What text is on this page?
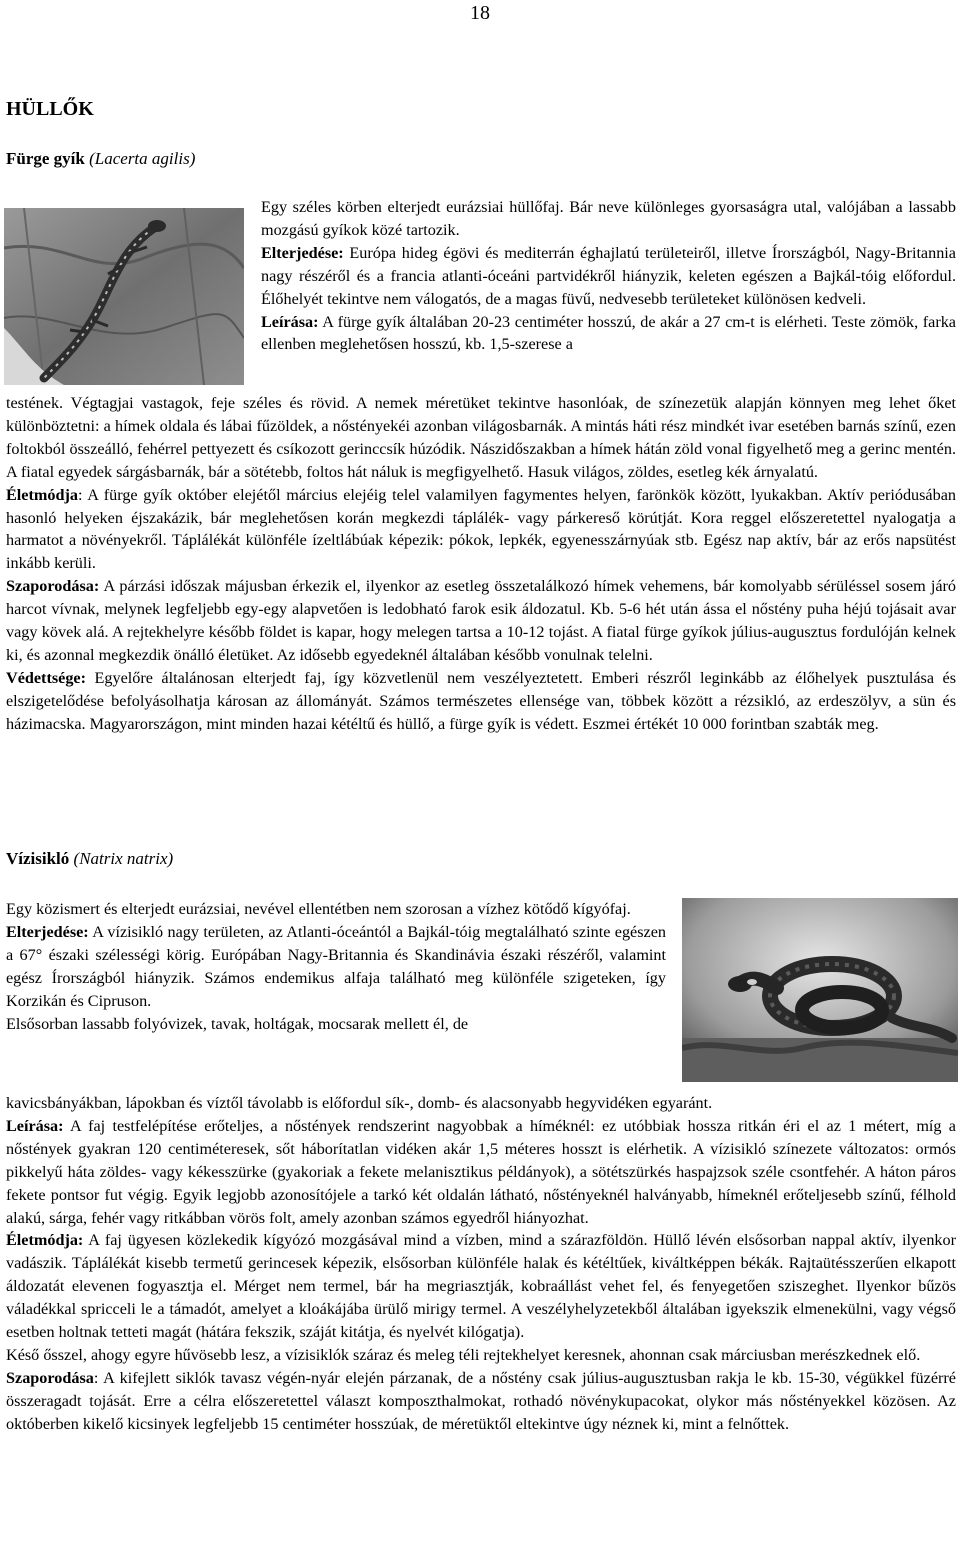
18
HÜLLŐK
Fürge gyík (Lacerta agilis)

Egy széles körben elterjedt eurázsiai hüllőfaj. Bár neve különleges gyorsaságra utal, valójában a lassabb mozgású gyíkok közé tartozik.

Elterjedése: Európa hideg égövi és mediterrán éghajlatú területeiről, illetve Írországból, Nagy-Britannia nagy részéről és a francia atlanti-óceáni partvidékről hiányzik, keleten egészen a Bajkál-tóig előfordul. Élőhelyét tekintve nem válogatós, de a magas füvű, nedvesebb területeket különösen kedveli.

Leírása: A fürge gyík általában 20-23 centiméter hosszú, de akár a 27 cm-t is elérheti. Teste zömök, farka ellenben meglehetősen hosszú, kb. 1,5-szerese a

testének. Végtagjai vastagok, feje széles és rövid. A nemek méretüket tekintve hasonlóak, de színezetük alapján könnyen meg lehet őket különböztetni: a hímek oldala és lábai fűzöldek, a nőstényekéi azonban világosbarnák. A mintás háti rész mindkét ivar esetében barnás színű, ezen foltokból összeálló, fehérrel pettyezett és csíkozott gerinccsík húzódik. Nászidőszakban a hímek hátán zöld vonal figyelhető meg a gerinc mentén. A fiatal egyedek sárgásbarnák, bár a sötétebb, foltos hát náluk is megfigyelhető. Hasuk világos, zöldes, esetleg kék árnyalatú.

Életmódja: A fürge gyík október elejétől március elejéig telel valamilyen fagymentes helyen, farönkök között, lyukakban. Aktív periódusában hasonló helyeken éjszakázik, bár meglehetősen korán megkezdi táplálék- vagy párkereső körútját. Kora reggel előszeretettel nyalogatja a harmatot a növényekről. Táplálékát különféle ízeltlábúak képezik: pókok, lepkék, egyenesszárnyúak stb. Egész nap aktív, bár az erős napsütést inkább kerüli.

Szaporodása: A párzási időszak májusban érkezik el, ilyenkor az esetleg összetalálkozó hímek vehemens, bár komolyabb sérüléssel sosem járó harcot vívnak, melynek legfeljebb egy-egy alapvetően is ledobható farok esik áldozatul. Kb. 5-6 hét után ássa el nőstény puha héjú tojásait avar vagy kövek alá. A rejtekhelyre később földet is kapar, hogy melegen tartsa a 10-12 tojást. A fiatal fürge gyíkok július-augusztus fordulóján kelnek ki, és azonnal megkezdik önálló életüket. Az idősebb egyedeknél általában később vonulnak telelni.

Védettsége: Egyelőre általánosan elterjedt faj, így közvetlenül nem veszélyeztetett. Emberi részről leginkább az élőhelyek pusztulása és elszigetelődése befolyásolhatja károsan az állományát. Számos természetes ellensége van, többek között a rézsikló, az erdeszölyv, a sün és házimacska. Magyarországon, mint minden hazai kétéltű és hüllő, a fürge gyík is védett. Eszmei értékét 10 000 forintban szabták meg.

Vízisikló (Natrix natrix)

Egy közismert és elterjedt eurázsiai, nevével ellentétben nem szorosan a vízhez kötődő kígyófaj.

Elterjedése: A vízisikló nagy területen, az Atlanti-óceántól a Bajkál-tóig megtalálható szinte egészen a 67° északi szélességi körig. Európában Nagy-Britannia és Skandinávia északi részéről, valamint egész Írországból hiányzik. Számos endemikus alfaja található meg különféle szigeteken, így Korzikán és Cipruson.

Elsősorban lassabb folyóvizek, tavak, holtágak, mocsarak mellett él, de

kavicsbányákban, lápokban és víztől távolabb is előfordul sík-, domb- és alacsonyabb hegyvidéken egyaránt.

Leírása: A faj testfelépítése erőteljes, a nőstények rendszerint nagyobbak a híméknél: ez utóbbiak hossza ritkán éri el az 1 métert, míg a nőstények gyakran 120 centiméteresek, sőt háborítatlan vidéken akár 1,5 méteres hosszt is elérhetik. A vízisikló színezete változatos: ormós pikkelyű háta zöldes- vagy kékesszürke (gyakoriak a fekete melanisztikus példányok), a sötétszürkés haspajzsok széle csontfehér. A háton páros fekete pontsor fut végig. Egyik legjobb azonosítójele a tarkó két oldalán látható, nőstényeknél halványabb, hímeknél erőteljesebb színű, félhold alakú, sárga, fehér vagy ritkábban vörös folt, amely azonban számos egyedről hiányozhat.

Életmódja: A faj ügyesen közlekedik kígyózó mozgásával mind a vízben, mind a szárazföldön. Hüllő lévén elsősorban nappal aktív, ilyenkor vadászik. Táplálékát kisebb termetű gerincesek képezik, elsősorban különféle halak és kétéltűek, kiváltképpen békák. Rajtaütésszerűen elkapott áldozatát elevenen fogyasztja el. Mérget nem termel, bár ha megriasztják, kobraállást vehet fel, és fenyegetően sziszeghet. Ilyenkor bűzös váladékkal spricceli le a támadót, amelyet a kloákájába ürülő mirigy termel. A veszélyhelyzetekből általában igyekszik elmenekülni, vagy végső esetben holtnak tetteti magát (hátára fekszik, száját kitátja, és nyelvét kilógatja).

Késő ősszel, ahogy egyre hűvösebb lesz, a vízisiklók száraz és meleg téli rejtekhelyet keresnek, ahonnan csak márciusban merészkednek elő.

Szaporodása: A kifejlett siklók tavasz végén-nyár elején párzanak, de a nőstény csak július-augusztusban rakja le kb. 15-30, végükkel füzérré összeragadt tojását. Erre a célra előszeretettel választ komposzthalmokat, rothadó növénykupacokat, olykor más nőstényekkel közösen. Az októberben kikelő kicsinyek legfeljebb 15 centiméter hosszúak, de méretüktől eltekintve úgy néznek ki, mint a felnőttek.
